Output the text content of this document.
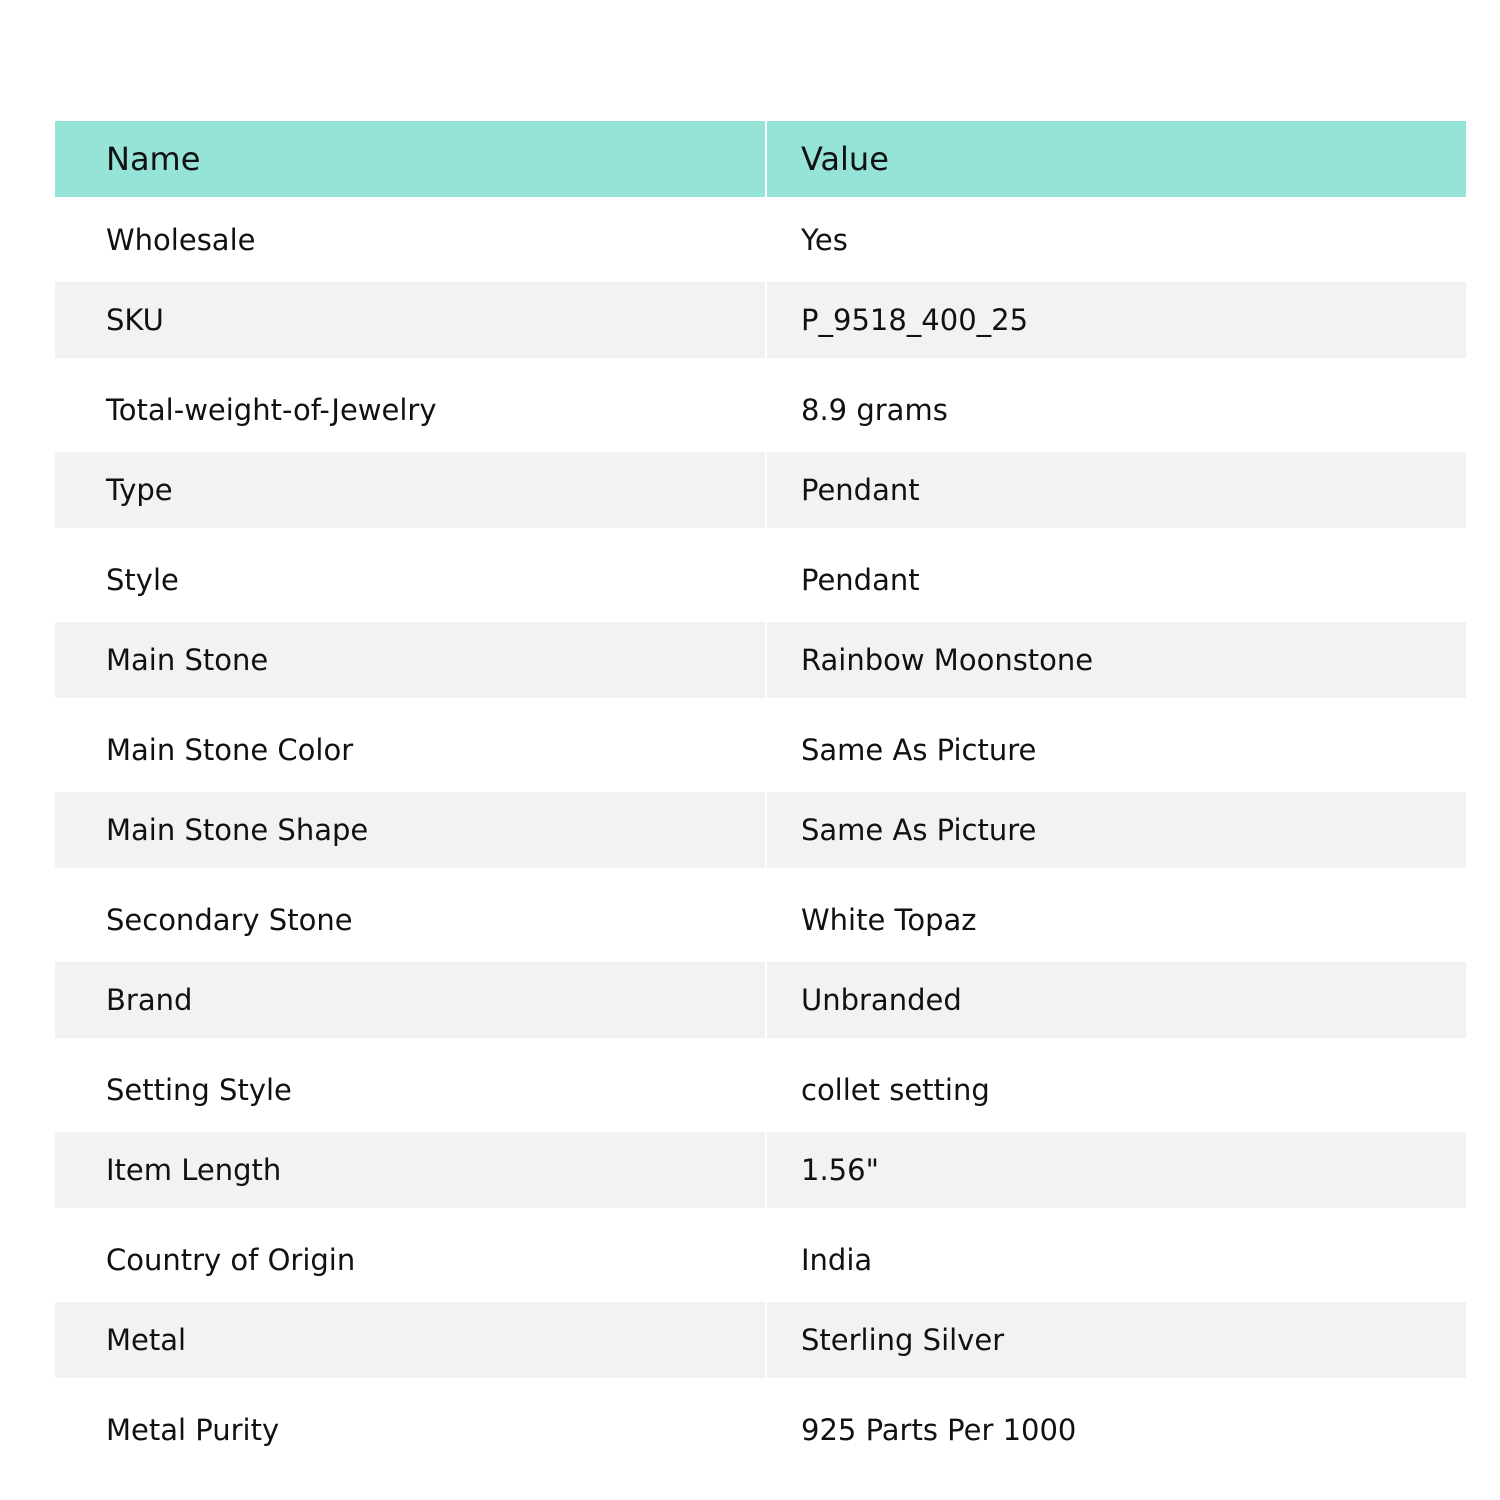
Name	Value
Wholesale	Yes
SKU	P_9518_400_25
Total-weight-of-Jewelry	8.9 grams
Type	Pendant
Style	Pendant
Main Stone	Rainbow Moonstone
Main Stone Color	Same As Picture
Main Stone Shape	Same As Picture
Secondary Stone	White Topaz
Brand	Unbranded
Setting Style	collet setting
Item Length	1.56"
Country of Origin	India
Metal	Sterling Silver
Metal Purity	925 Parts Per 1000
